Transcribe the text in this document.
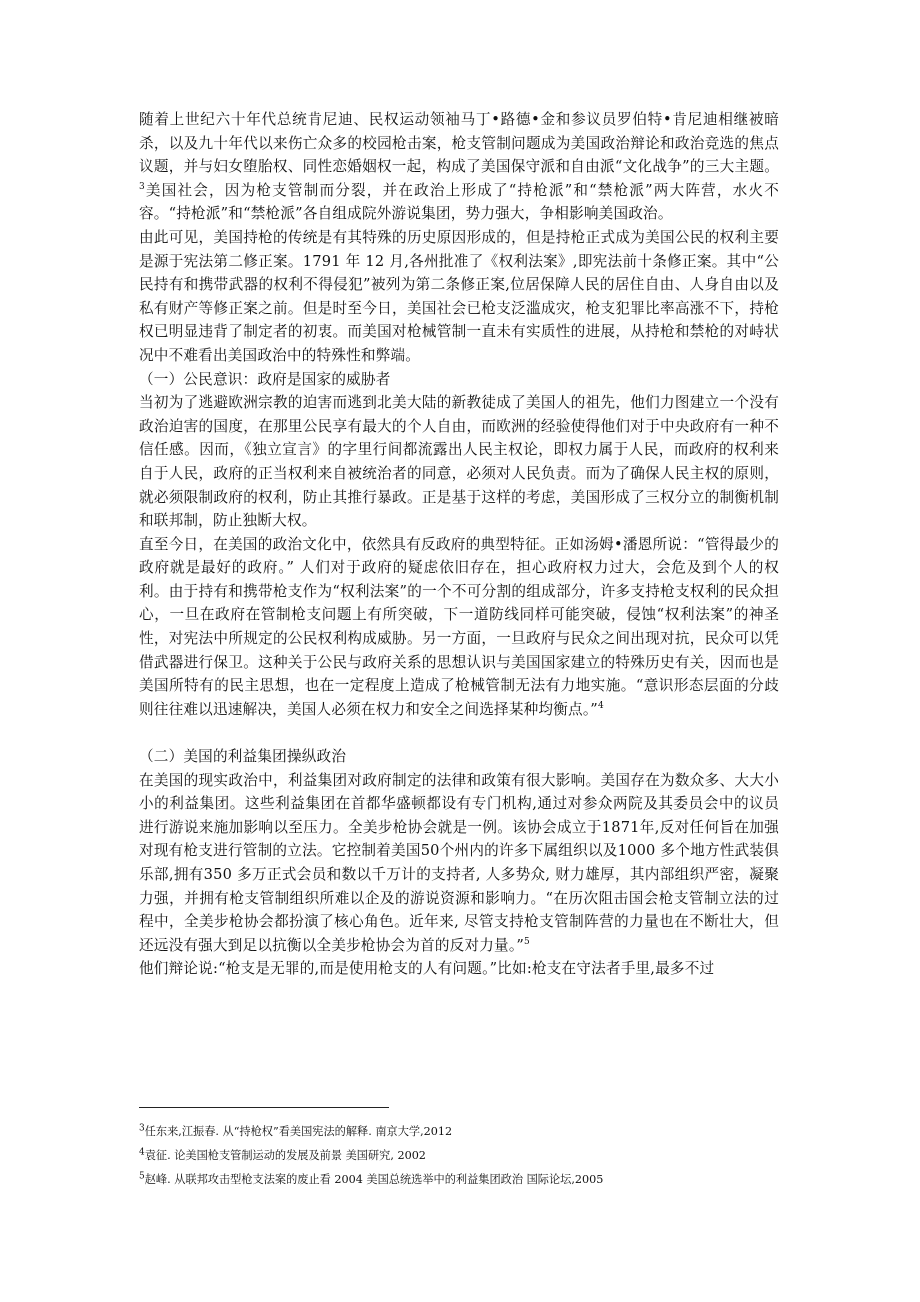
随着上世纪六十年代总统肯尼迪、民权运动领袖马丁•路德•金和参议员罗伯特•肯尼迪相继被暗杀，以及九十年代以来伤亡众多的校园枪击案，枪支管制问题成为美国政治辩论和政治竞选的焦点议题，并与妇女堕胎权、同性恋婚姻权一起，构成了美国保守派和自由派“文化战争”的三大主题。$^3$美国社会，因为枪支管制而分裂，并在政治上形成了“持枪派”和“禁枪派”两大阵营，水火不容。“持枪派”和“禁枪派”各自组成院外游说集团，势力强大，争相影响美国政治。

由此可见，美国持枪的传统是有其特殊的历史原因形成的，但是持枪正式成为美国公民的权利主要是源于宪法第二修正案。1791 年 12 月,各州批准了《权利法案》,即宪法前十条修正案。其中“公民持有和携带武器的权利不得侵犯”被列为第二条修正案,位居保障人民的居住自由、人身自由以及私有财产等修正案之前。但是时至今日，美国社会已枪支泛滥成灾，枪支犯罪比率高涨不下，持枪权已明显违背了制定者的初衷。而美国对枪械管制一直未有实质性的进展，从持枪和禁枪的对峙状况中不难看出美国政治中的特殊性和弊端。

（一）公民意识：政府是国家的威胁者

当初为了逃避欧洲宗教的迫害而逃到北美大陆的新教徒成了美国人的祖先，他们力图建立一个没有政治迫害的国度，在那里公民享有最大的个人自由，而欧洲的经验使得他们对于中央政府有一种不信任感。因而，《独立宣言》的字里行间都流露出人民主权论，即权力属于人民，而政府的权利来自于人民，政府的正当权利来自被统治者的同意，必须对人民负责。而为了确保人民主权的原则，就必须限制政府的权利，防止其推行暴政。正是基于这样的考虑，美国形成了三权分立的制衡机制和联邦制，防止独断大权。

直至今日，在美国的政治文化中，依然具有反政府的典型特征。正如汤姆•潘恩所说：“管得最少的政府就是最好的政府。” 人们对于政府的疑虑依旧存在，担心政府权力过大，会危及到个人的权利。由于持有和携带枪支作为“权利法案”的一个不可分割的组成部分，许多支持枪支权利的民众担心，一旦在政府在管制枪支问题上有所突破，下一道防线同样可能突破，侵蚀“权利法案”的神圣性，对宪法中所规定的公民权利构成威胁。另一方面，一旦政府与民众之间出现对抗，民众可以凭借武器进行保卫。这种关于公民与政府关系的思想认识与美国国家建立的特殊历史有关，因而也是美国所特有的民主思想，也在一定程度上造成了枪械管制无法有力地实施。“意识形态层面的分歧则往往难以迅速解决，美国人必须在权力和安全之间选择某种均衡点。”$^4$

（二）美国的利益集团操纵政治

在美国的现实政治中，利益集团对政府制定的法律和政策有很大影响。美国存在为数众多、大大小小的利益集团。这些利益集团在首都华盛顿都设有专门机构,通过对参众两院及其委员会中的议员进行游说来施加影响以至压力。全美步枪协会就是一例。该协会成立于1871年,反对任何旨在加强对现有枪支进行管制的立法。它控制着美国50个州内的许多下属组织以及1000 多个地方性武装俱乐部,拥有350 多万正式会员和数以千万计的支持者, 人多势众, 财力雄厚，其内部组织严密，凝聚力强，并拥有枪支管制组织所难以企及的游说资源和影响力。“在历次阻击国会枪支管制立法的过程中，全美步枪协会都扮演了核心角色。近年来, 尽管支持枪支管制阵营的力量也在不断壮大，但还远没有强大到足以抗衡以全美步枪协会为首的反对力量。”$^5$

他们辩论说:“枪支是无罪的,而是使用枪支的人有问题。”比如:枪支在守法者手里,最多不过

$^3$任东来,江振春. 从“持枪权”看美国宪法的解释. 南京大学,2012

$^4$袁征. 论美国枪支管制运动的发展及前景 美国研究, 2002

$^5$赵峰. 从联邦攻击型枪支法案的废止看 2004 美国总统选举中的利益集团政治 国际论坛,2005
